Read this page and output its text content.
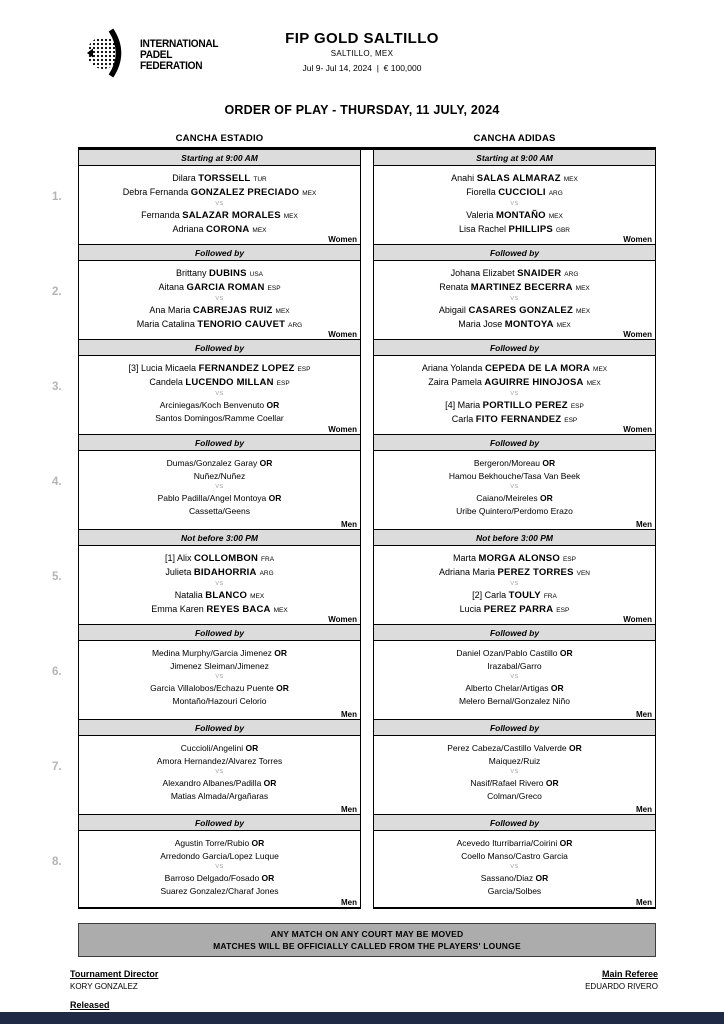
INTERNATIONAL
PADEL
FEDERATION
FIP GOLD SALTILLO
SALTILLO, MEX
Jul 9- Jul 14, 2024 | € 100,000
ORDER OF PLAY - THURSDAY, 11 JULY, 2024
CANCHA ESTADIO	CANCHA ADIDAS
1.
Starting at 9:00 AM
Dilara TORSSELL TUR
Debra Fernanda GONZALEZ PRECIADO MEX
VS
Fernanda SALAZAR MORALES MEX
Adriana CORONA MEX
Women
Starting at 9:00 AM
Anahi SALAS ALMARAZ MEX
Fiorella CUCCIOLI ARG
VS
Valeria MONTAÑO MEX
Lisa Rachel PHILLIPS GBR
Women
2.
Followed by
Brittany DUBINS USA
Aitana GARCIA ROMAN ESP
VS
Ana Maria CABREJAS RUIZ MEX
Maria Catalina TENORIO CAUVET ARG
Women
Followed by
Johana Elizabet SNAIDER ARG
Renata MARTINEZ BECERRA MEX
VS
Abigail CASARES GONZALEZ MEX
Maria Jose MONTOYA MEX
Women
3.
Followed by
[3] Lucia Micaela FERNANDEZ LOPEZ ESP
Candela LUCENDO MILLAN ESP
VS
Arciniegas/Koch Benvenuto OR
Santos Domingos/Ramme Coellar
Women
Followed by
Ariana Yolanda CEPEDA DE LA MORA MEX
Zaira Pamela AGUIRRE HINOJOSA MEX
VS
[4] Maria PORTILLO PEREZ ESP
Carla FITO FERNANDEZ ESP
Women
4.
Followed by
Dumas/Gonzalez Garay OR
Nuñez/Nuñez
VS
Pablo Padilla/Angel Montoya OR
Cassetta/Geens
Men
Followed by
Bergeron/Moreau OR
Hamou Bekhouche/Tasa Van Beek
VS
Caiano/Meireles OR
Uribe Quintero/Perdomo Erazo
Men
5.
Not before 3:00 PM
[1] Alix COLLOMBON FRA
Julieta BIDAHORRIA ARG
VS
Natalia BLANCO MEX
Emma Karen REYES BACA MEX
Women
Not before 3:00 PM
Marta MORGA ALONSO ESP
Adriana Maria PEREZ TORRES VEN
VS
[2] Carla TOULY FRA
Lucia PEREZ PARRA ESP
Women
6.
Followed by
Medina Murphy/Garcia Jimenez OR
Jimenez Sleiman/Jimenez
VS
Garcia Villalobos/Echazu Puente OR
Montaño/Hazouri Celorio
Men
Followed by
Daniel Ozan/Pablo Castillo OR
Irazabal/Garro
VS
Alberto Chelar/Artigas OR
Melero Bernal/Gonzalez Niño
Men
7.
Followed by
Cuccioli/Angelini OR
Amora Hernandez/Alvarez Torres
VS
Alexandro Albanes/Padilla OR
Matias Almada/Argañaras
Men
Followed by
Perez Cabeza/Castillo Valverde OR
Maiquez/Ruiz
VS
Nasif/Rafael Rivero OR
Colman/Greco
Men
8.
Followed by
Agustin Torre/Rubio OR
Arredondo Garcia/Lopez Luque
VS
Barroso Delgado/Fosado OR
Suarez Gonzalez/Charaf Jones
Men
Followed by
Acevedo Iturribarria/Coirini OR
Coello Manso/Castro Garcia
VS
Sassano/Diaz OR
Garcia/Solbes
Men
ANY MATCH ON ANY COURT MAY BE MOVED
MATCHES WILL BE OFFICIALLY CALLED FROM THE PLAYERS' LOUNGE
Tournament Director
KORY GONZALEZ
Main Referee
EDUARDO RIVERO
Released
